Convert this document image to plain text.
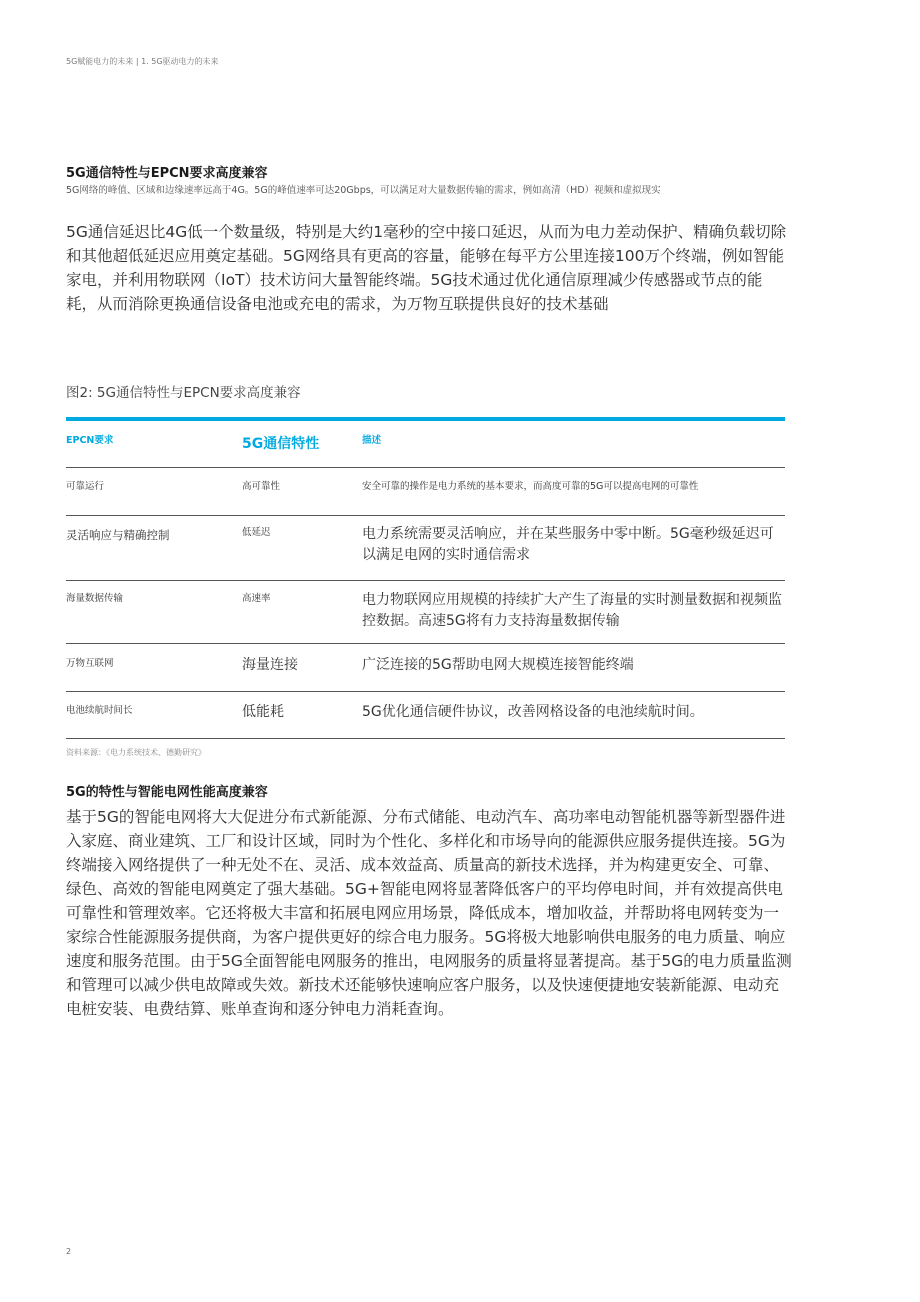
5G赋能电力的未来 | 1. 5G驱动电力的未来
5G通信特性与EPCN要求高度兼容
5G网络的峰值、区域和边缘速率远高于4G。5G的峰值速率可达20Gbps，可以满足对大量数据传输的需求，例如高清（HD）视频和虚拟现实
5G通信延迟比4G低一个数量级，特别是大约1毫秒的空中接口延迟，从而为电力差动保护、精确负载切除和其他超低延迟应用奠定基础。5G网络具有更高的容量，能够在每平方公里连接100万个终端，例如智能家电，并利用物联网（IoT）技术访问大量智能终端。5G技术通过优化通信原理减少传感器或节点的能耗，从而消除更换通信设备电池或充电的需求，为万物互联提供良好的技术基础
图2: 5G通信特性与EPCN要求高度兼容
EPCN要求	5G通信特性	描述
可靠运行	高可靠性	安全可靠的操作是电力系统的基本要求，而高度可靠的5G可以提高电网的可靠性
灵活响应与精确控制	低延迟	电力系统需要灵活响应，并在某些服务中零中断。5G毫秒级延迟可以满足电网的实时通信需求
海量数据传输	高速率	电力物联网应用规模的持续扩大产生了海量的实时测量数据和视频监控数据。高速5G将有力支持海量数据传输
万物互联网	海量连接	广泛连接的5G帮助电网大规模连接智能终端
电池续航时间长	低能耗	5G优化通信硬件协议，改善网格设备的电池续航时间。
资料来源：《电力系统技术、德勤研究》
5G的特性与智能电网性能高度兼容
基于5G的智能电网将大大促进分布式新能源、分布式储能、电动汽车、高功率电动智能机器等新型器件进入家庭、商业建筑、工厂和设计区域，同时为个性化、多样化和市场导向的能源供应服务提供连接。5G为终端接入网络提供了一种无处不在、灵活、成本效益高、质量高的新技术选择，并为构建更安全、可靠、绿色、高效的智能电网奠定了强大基础。5G+智能电网将显著降低客户的平均停电时间，并有效提高供电可靠性和管理效率。它还将极大丰富和拓展电网应用场景，降低成本，增加收益，并帮助将电网转变为一家综合性能源服务提供商，为客户提供更好的综合电力服务。5G将极大地影响供电服务的电力质量、响应速度和服务范围。由于5G全面智能电网服务的推出，电网服务的质量将显著提高。基于5G的电力质量监测和管理可以减少供电故障或失效。新技术还能够快速响应客户服务，以及快速便捷地安装新能源、电动充电桩安装、电费结算、账单查询和逐分钟电力消耗查询。
2
